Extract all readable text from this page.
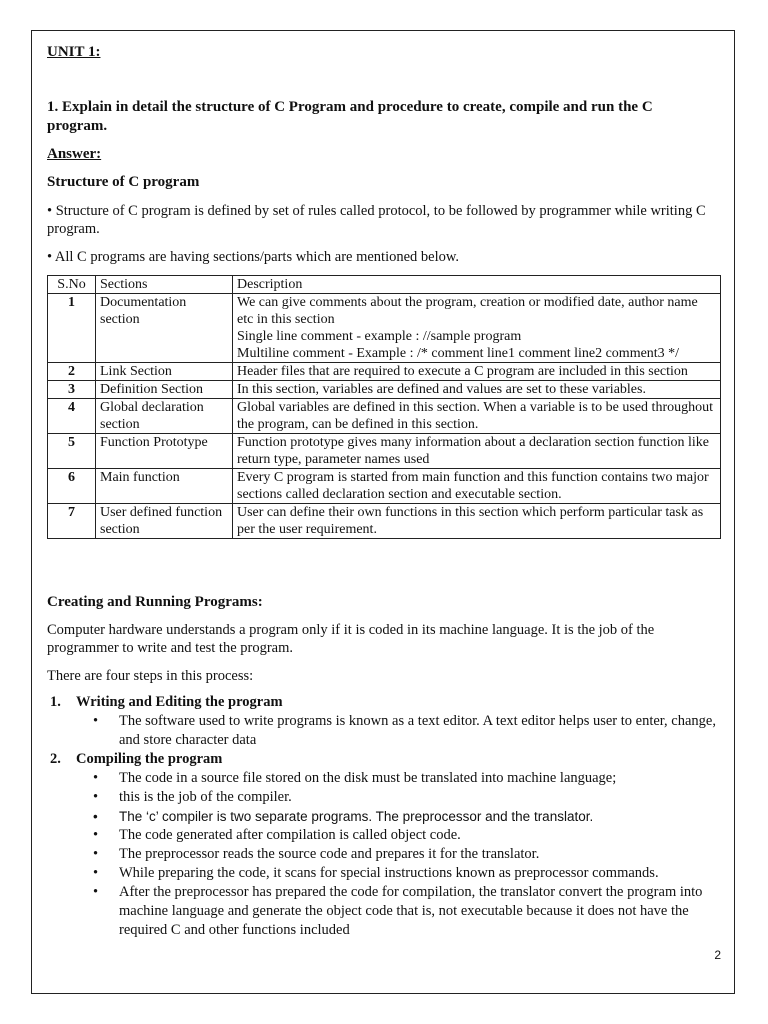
UNIT 1:
1. Explain in detail the structure of C Program and procedure to create, compile and run the C program.
Answer:
Structure of C program
• Structure of C program is defined by set of rules called protocol, to be followed by programmer while writing C program.
• All C programs are having sections/parts which are mentioned below.
S.No	Sections	Description
1	Documentation section	We can give comments about the program, creation or modified date, author name etc in this section
Single line comment - example : //sample program
Multiline comment - Example : /* comment line1 comment line2 comment3 */

2	Link Section	Header files that are required to execute a C program are included in this section

3	Definition Section	In this section, variables are defined and values are set to these variables.

4	Global declaration section	Global variables are defined in this section. When a variable is to be used throughout the program, can be defined in this section.

5	Function Prototype	Function prototype gives many information about a declaration section function like return type, parameter names used

6	Main function	Every C program is started from main function and this function contains two major sections called declaration section and executable section.

7	User defined function section	User can define their own functions in this section which perform particular task as per the user requirement.
Creating and Running Programs:
Computer hardware understands a program only if it is coded in its machine language. It is the job of the programmer to write and test the program.
There are four steps in this process:
1. Writing and Editing the program
• The software used to write programs is known as a text editor. A text editor helps user to enter, change, and store character data
2. Compiling the program
• The code in a source file stored on the disk must be translated into machine language;
• this is the job of the compiler.
• The ‘c’ compiler is two separate programs. The preprocessor and the translator.
• The code generated after compilation is called object code.
• The preprocessor reads the source code and prepares it for the translator.
• While preparing the code, it scans for special instructions known as preprocessor commands.
• After the preprocessor has prepared the code for compilation, the translator convert the program into machine language and generate the object code that is, not executable because it does not have the required C and other functions included
2
